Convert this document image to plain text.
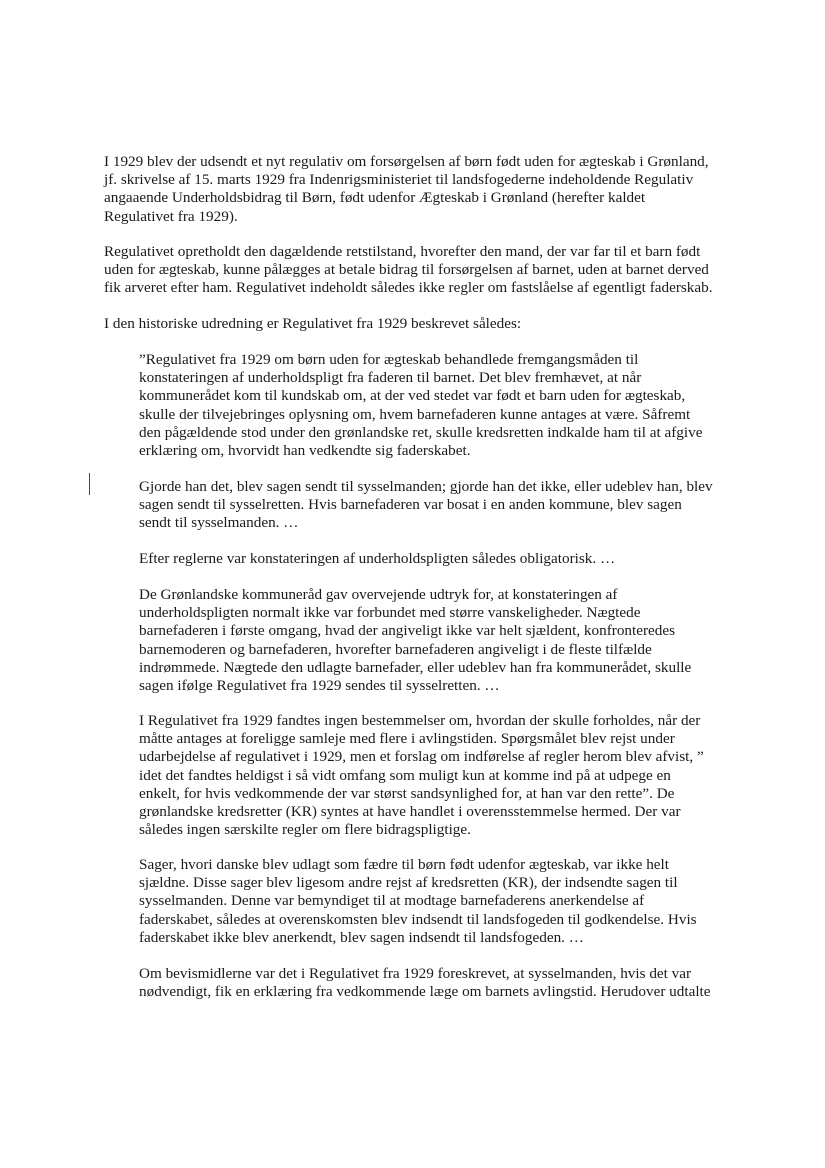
I 1929 blev der udsendt et nyt regulativ om forsørgelsen af børn født uden for ægteskab i Grønland,
jf. skrivelse af 15. marts 1929 fra Indenrigsministeriet til landsfogederne indeholdende Regulativ
angaaende Underholdsbidrag til Børn, født udenfor Ægteskab i Grønland (herefter kaldet
Regulativet fra 1929).

Regulativet opretholdt den dagældende retstilstand, hvorefter den mand, der var far til et barn født
uden for ægteskab, kunne pålægges at betale bidrag til forsørgelsen af barnet, uden at barnet derved
fik arveret efter ham. Regulativet indeholdt således ikke regler om fastslåelse af egentligt faderskab.

I den historiske udredning er Regulativet fra 1929 beskrevet således:

”Regulativet fra 1929 om børn uden for ægteskab behandlede fremgangsmåden til
konstateringen af underholdspligt fra faderen til barnet. Det blev fremhævet, at når
kommunerådet kom til kundskab om, at der ved stedet var født et barn uden for ægteskab,
skulle der tilvejebringes oplysning om, hvem barnefaderen kunne antages at være. Såfremt
den pågældende stod under den grønlandske ret, skulle kredsretten indkalde ham til at afgive
erklæring om, hvorvidt han vedkendte sig faderskabet.

Gjorde han det, blev sagen sendt til sysselmanden; gjorde han det ikke, eller udeblev han, blev
sagen sendt til sysselretten. Hvis barnefaderen var bosat i en anden kommune, blev sagen
sendt til sysselmanden. …

Efter reglerne var konstateringen af underholdspligten således obligatorisk. …

De Grønlandske kommuneråd gav overvejende udtryk for, at konstateringen af
underholdspligten normalt ikke var forbundet med større vanskeligheder. Nægtede
barnefaderen i første omgang, hvad der angiveligt ikke var helt sjældent, konfronteredes
barnemoderen og barnefaderen, hvorefter barnefaderen angiveligt i de fleste tilfælde
indrømmede. Nægtede den udlagte barnefader, eller udeblev han fra kommunerådet, skulle
sagen ifølge Regulativet fra 1929 sendes til sysselretten. …

I Regulativet fra 1929 fandtes ingen bestemmelser om, hvordan der skulle forholdes, når der
måtte antages at foreligge samleje med flere i avlingstiden. Spørgsmålet blev rejst under
udarbejdelse af regulativet i 1929, men et forslag om indførelse af regler herom blev afvist, ”
idet det fandtes heldigst i så vidt omfang som muligt kun at komme ind på at udpege en
enkelt, for hvis vedkommende der var størst sandsynlighed for, at han var den rette”. De
grønlandske kredsretter (KR) syntes at have handlet i overensstemmelse hermed. Der var
således ingen særskilte regler om flere bidragspligtige.

Sager, hvori danske blev udlagt som fædre til børn født udenfor ægteskab, var ikke helt
sjældne. Disse sager blev ligesom andre rejst af kredsretten (KR), der indsendte sagen til
sysselmanden. Denne var bemyndiget til at modtage barnefaderens anerkendelse af
faderskabet, således at overenskomsten blev indsendt til landsfogeden til godkendelse. Hvis
faderskabet ikke blev anerkendt, blev sagen indsendt til landsfogeden. …

Om bevismidlerne var det i Regulativet fra 1929 foreskrevet, at sysselmanden, hvis det var
nødvendigt, fik en erklæring fra vedkommende læge om barnets avlingstid. Herudover udtalte
